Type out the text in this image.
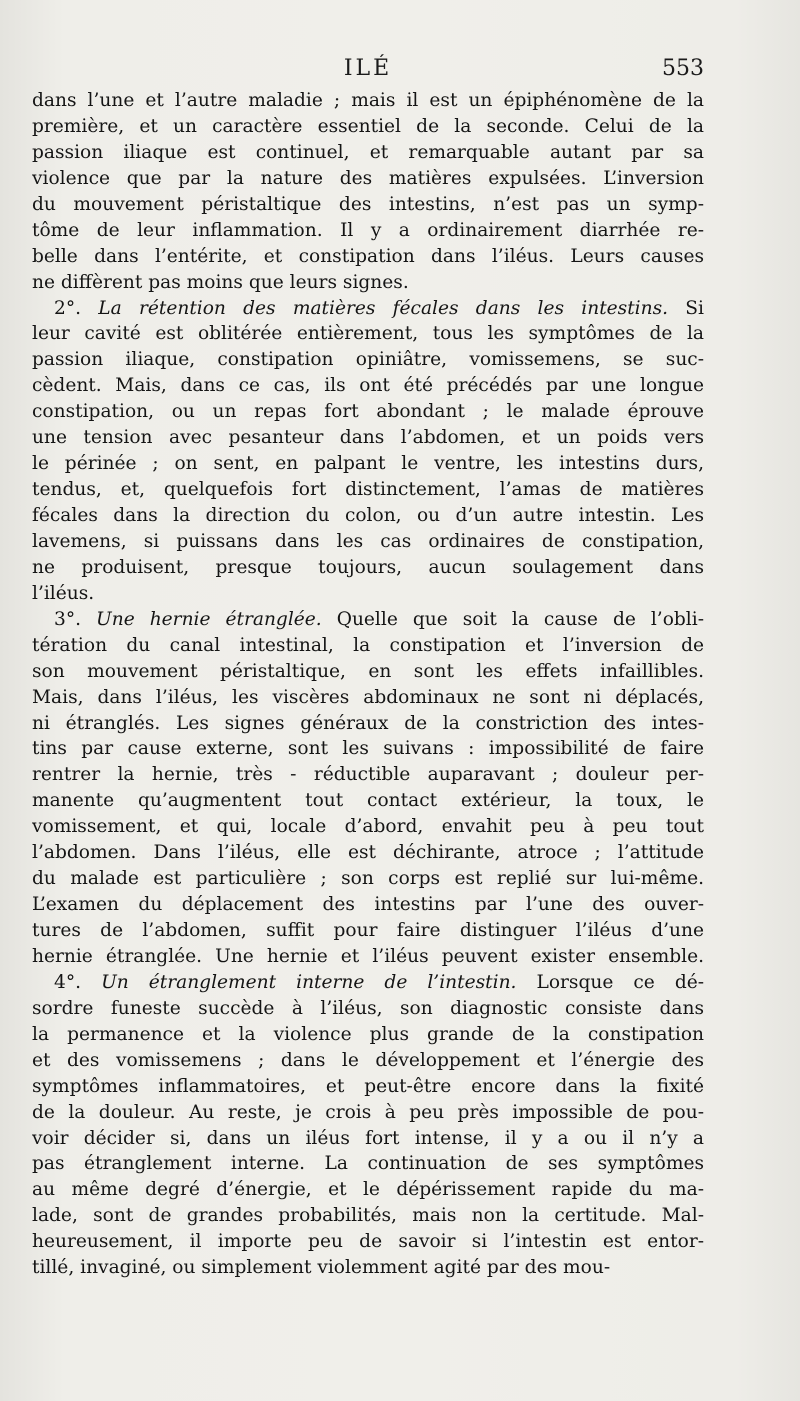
ILÉ	553
dans l’une et l’autre maladie ; mais il est un épiphénomène de la
première, et un caractère essentiel de la seconde. Celui de la
passion iliaque est continuel, et remarquable autant par sa
violence que par la nature des matières expulsées. L’inversion
du mouvement péristaltique des intestins, n’est pas un symp-
tôme de leur inflammation. Il y a ordinairement diarrhée re-
belle dans l’entérite, et constipation dans l’iléus. Leurs causes
ne diffèrent pas moins que leurs signes.
2°. La rétention des matières fécales dans les intestins. Si
leur cavité est oblitérée entièrement, tous les symptômes de la
passion iliaque, constipation opiniâtre, vomissemens, se suc-
cèdent. Mais, dans ce cas, ils ont été précédés par une longue
constipation, ou un repas fort abondant ; le malade éprouve
une tension avec pesanteur dans l’abdomen, et un poids vers
le périnée ; on sent, en palpant le ventre, les intestins durs,
tendus, et, quelquefois fort distinctement, l’amas de matières
fécales dans la direction du colon, ou d’un autre intestin. Les
lavemens, si puissans dans les cas ordinaires de constipation,
ne produisent, presque toujours, aucun soulagement dans
l’iléus.
3°. Une hernie étranglée. Quelle que soit la cause de l’obli-
tération du canal intestinal, la constipation et l’inversion de
son mouvement péristaltique, en sont les effets infaillibles.
Mais, dans l’iléus, les viscères abdominaux ne sont ni déplacés,
ni étranglés. Les signes généraux de la constriction des intes-
tins par cause externe, sont les suivans : impossibilité de faire
rentrer la hernie, très - réductible auparavant ; douleur per-
manente qu’augmentent tout contact extérieur, la toux, le
vomissement, et qui, locale d’abord, envahit peu à peu tout
l’abdomen. Dans l’iléus, elle est déchirante, atroce ; l’attitude
du malade est particulière ; son corps est replié sur lui-même.
L’examen du déplacement des intestins par l’une des ouver-
tures de l’abdomen, suffit pour faire distinguer l’iléus d’une
hernie étranglée. Une hernie et l’iléus peuvent exister ensemble.
4°. Un étranglement interne de l’intestin. Lorsque ce dé-
sordre funeste succède à l’iléus, son diagnostic consiste dans
la permanence et la violence plus grande de la constipation
et des vomissemens ; dans le développement et l’énergie des
symptômes inflammatoires, et peut-être encore dans la fixité
de la douleur. Au reste, je crois à peu près impossible de pou-
voir décider si, dans un iléus fort intense, il y a ou il n’y a
pas étranglement interne. La continuation de ses symptômes
au même degré d’énergie, et le dépérissement rapide du ma-
lade, sont de grandes probabilités, mais non la certitude. Mal-
heureusement, il importe peu de savoir si l’intestin est entor-
tillé, invaginé, ou simplement violemment agité par des mou-
